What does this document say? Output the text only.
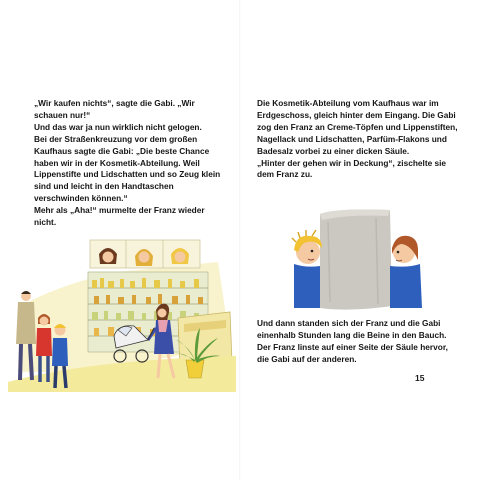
„Wir kaufen nichts“, sagte die Gabi. „Wir schauen nur!“

Und das war ja nun wirklich nicht gelogen.

Bei der Straßenkreuzung vor dem großen Kaufhaus sagte die Gabi: „Die beste Chance haben wir in der Kosmetik-Abteilung. Weil Lippenstifte und Lidschatten und so Zeug klein sind und leicht in den Handtaschen verschwinden können.“

Mehr als „Aha!“ murmelte der Franz wieder nicht.

Die Kosmetik-Abteilung vom Kaufhaus war im Erdgeschoss, gleich hinter dem Eingang. Die Gabi zog den Franz an Creme-Töpfen und Lippenstiften, Nagellack und Lidschatten, Parfüm-Flakons und Badesalz vorbei zu einer dicken Säule.

„Hinter der gehen wir in Deckung“, zischelte sie dem Franz zu.

Und dann standen sich der Franz und die Gabi einenhalb Stunden lang die Beine in den Bauch. Der Franz linste auf einer Seite der Säule hervor, die Gabi auf der anderen.

15
